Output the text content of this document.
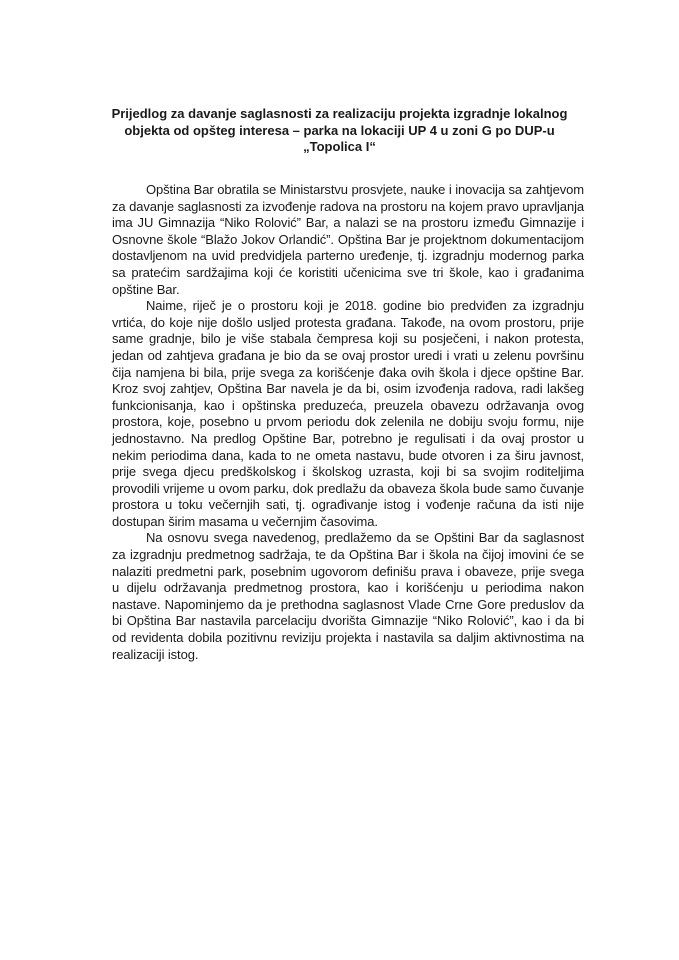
Prijedlog za davanje saglasnosti za realizaciju projekta izgradnje lokalnog
objekta od opšteg interesa – parka na lokaciji UP 4 u zoni G po DUP-u
„Topolica I“

Opština Bar obratila se Ministarstvu prosvjete, nauke i inovacija sa zahtjevom za davanje saglasnosti za izvođenje radova na prostoru na kojem pravo upravljanja ima JU Gimnazija “Niko Rolović” Bar, a nalazi se na prostoru između Gimnazije i Osnovne škole “Blažo Jokov Orlandić”. Opština Bar je projektnom dokumentacijom dostavljenom na uvid predvidjela parterno uređenje, tj. izgradnju modernog parka sa pratećim sardžajima koji će koristiti učenicima sve tri škole, kao i građanima opštine Bar.

Naime, riječ je o prostoru koji je 2018. godine bio predviđen za izgradnju vrtića, do koje nije došlo usljed protesta građana. Takođe, na ovom prostoru, prije same gradnje, bilo je više stabala čempresa koji su posječeni, i nakon protesta, jedan od zahtjeva građana je bio da se ovaj prostor uredi i vrati u zelenu površinu čija namjena bi bila, prije svega za korišćenje đaka ovih škola i djece opštine Bar. Kroz svoj zahtjev, Opština Bar navela je da bi, osim izvođenja radova, radi lakšeg funkcionisanja, kao i opštinska preduzeća, preuzela obavezu održavanja ovog prostora, koje, posebno u prvom periodu dok zelenila ne dobiju svoju formu, nije jednostavno. Na predlog Opštine Bar, potrebno je regulisati i da ovaj prostor u nekim periodima dana, kada to ne ometa nastavu, bude otvoren i za širu javnost, prije svega djecu predškolskog i školskog uzrasta, koji bi sa svojim roditeljima provodili vrijeme u ovom parku, dok predlažu da obaveza škola bude samo čuvanje prostora u toku večernjih sati, tj. ograđivanje istog i vođenje računa da isti nije dostupan širim masama u večernjim časovima.

Na osnovu svega navedenog, predlažemo da se Opštini Bar da saglasnost za izgradnju predmetnog sadržaja, te da Opština Bar i škola na čijoj imovini će se nalaziti predmetni park, posebnim ugovorom definišu prava i obaveze, prije svega u dijelu održavanja predmetnog prostora, kao i korišćenju u periodima nakon nastave. Napominjemo da je prethodna saglasnost Vlade Crne Gore preduslov da bi Opština Bar nastavila parcelaciju dvorišta Gimnazije “Niko Rolović”, kao i da bi od revidenta dobila pozitivnu reviziju projekta i nastavila sa daljim aktivnostima na realizaciji istog.
